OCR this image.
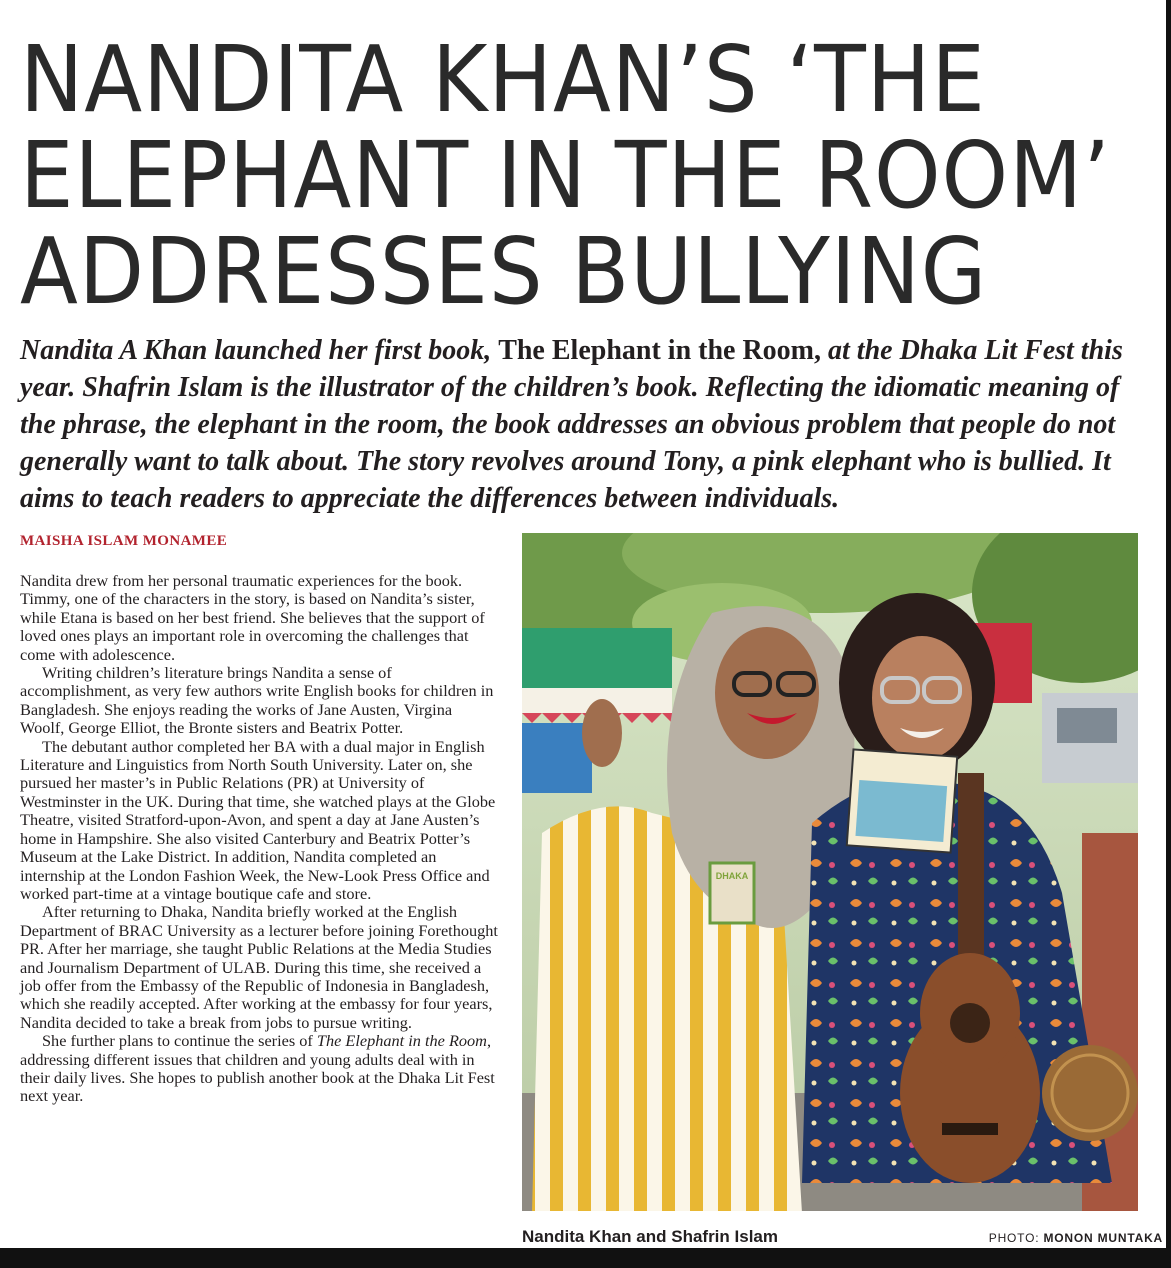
NANDITA KHAN’S ‘THE
ELEPHANT IN THE ROOM’
ADDRESSES BULLYING

Nandita A Khan launched her first book, The Elephant in the Room, at the Dhaka Lit Fest this year. Shafrin Islam is the illustrator of the children’s book. Reflecting the idiomatic meaning of the phrase, the elephant in the room, the book addresses an obvious problem that people do not generally want to talk about. The story revolves around Tony, a pink elephant who is bullied. It aims to teach readers to appreciate the differences between individuals.

MAISHA ISLAM MONAMEE

Nandita drew from her personal traumatic experiences for the book. Timmy, one of the characters in the story, is based on Nandita’s sister, while Etana is based on her best friend. She believes that the support of loved ones plays an important role in overcoming the challenges that come with adolescence.

Writing children’s literature brings Nandita a sense of accomplishment, as very few authors write English books for children in Bangladesh. She enjoys reading the works of Jane Austen, Virgina Woolf, George Elliot, the Bronte sisters and Beatrix Potter.

The debutant author completed her BA with a dual major in English Literature and Linguistics from North South University. Later on, she pursued her master’s in Public Relations (PR) at University of Westminster in the UK. During that time, she watched plays at the Globe Theatre, visited Stratford-upon-Avon, and spent a day at Jane Austen’s home in Hampshire. She also visited Canterbury and Beatrix Potter’s Museum at the Lake District. In addition, Nandita completed an internship at the London Fashion Week, the New-Look Press Office and worked part-time at a vintage boutique cafe and store.

After returning to Dhaka, Nandita briefly worked at the English Department of BRAC University as a lecturer before joining Forethought PR. After her marriage, she taught Public Relations at the Media Studies and Journalism Department of ULAB. During this time, she received a job offer from the Embassy of the Republic of Indonesia in Bangladesh, which she readily accepted. After working at the embassy for four years, Nandita decided to take a break from jobs to pursue writing.

She further plans to continue the series of The Elephant in the Room, addressing different issues that children and young adults deal with in their daily lives. She hopes to publish another book at the Dhaka Lit Fest next year.

DHAKA

Nandita Khan and Shafrin Islam	PHOTO: MONON MUNTAKA
